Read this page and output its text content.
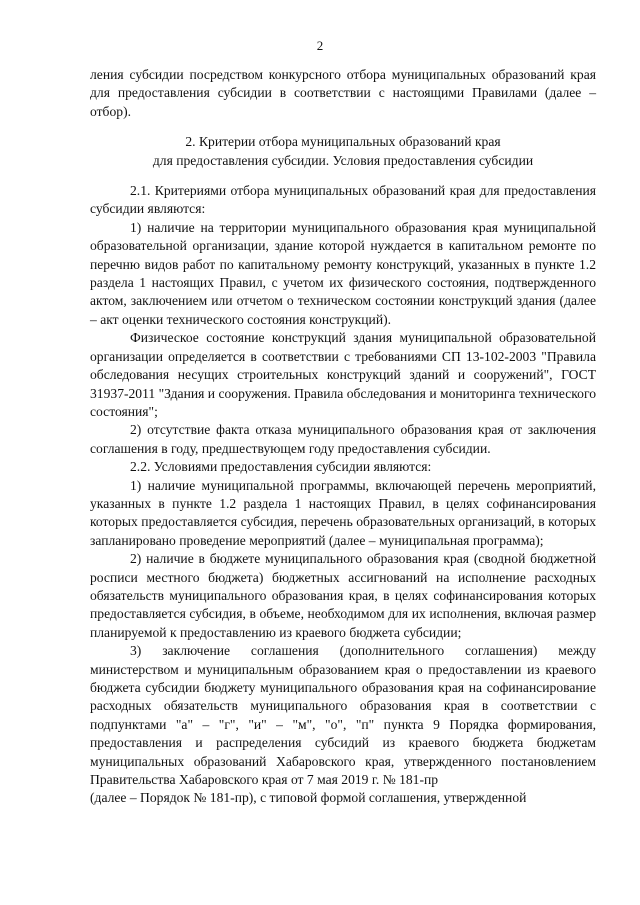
2

ления субсидии посредством конкурсного отбора муниципальных образований края для предоставления субсидии в соответствии с настоящими Правилами (далее – отбор).

2. Критерии отбора муниципальных образований края
для предоставления субсидии. Условия предоставления субсидии

2.1. Критериями отбора муниципальных образований края для предоставления субсидии являются:

1) наличие на территории муниципального образования края муниципальной образовательной организации, здание которой нуждается в капитальном ремонте по перечню видов работ по капитальному ремонту конструкций, указанных в пункте 1.2 раздела 1 настоящих Правил, с учетом их физического состояния, подтвержденного актом, заключением или отчетом о техническом состоянии конструкций здания (далее – акт оценки технического состояния конструкций).

Физическое состояние конструкций здания муниципальной образовательной организации определяется в соответствии с требованиями СП 13-102-2003 "Правила обследования несущих строительных конструкций зданий и сооружений", ГОСТ 31937-2011 "Здания и сооружения. Правила обследования и мониторинга технического состояния";

2) отсутствие факта отказа муниципального образования края от заключения соглашения в году, предшествующем году предоставления субсидии.

2.2. Условиями предоставления субсидии являются:

1) наличие муниципальной программы, включающей перечень мероприятий, указанных в пункте 1.2 раздела 1 настоящих Правил, в целях софинансирования которых предоставляется субсидия, перечень образовательных организаций, в которых запланировано проведение мероприятий (далее – муниципальная программа);

2) наличие в бюджете муниципального образования края (сводной бюджетной росписи местного бюджета) бюджетных ассигнований на исполнение расходных обязательств муниципального образования края, в целях софинансирования которых предоставляется субсидия, в объеме, необходимом для их исполнения, включая размер планируемой к предоставлению из краевого бюджета субсидии;

3) заключение соглашения (дополнительного соглашения) между министерством и муниципальным образованием края о предоставлении из краевого бюджета субсидии бюджету муниципального образования края на софинансирование расходных обязательств муниципального образования края в соответствии с подпунктами "а" – "г", "и" – "м", "о", "п" пункта 9 Порядка формирования, предоставления и распределения субсидий из краевого бюджета бюджетам муниципальных образований Хабаровского края, утвержденного постановлением Правительства Хабаровского края от 7 мая 2019 г. № 181-пр

(далее – Порядок № 181-пр), с типовой формой соглашения, утвержденной
